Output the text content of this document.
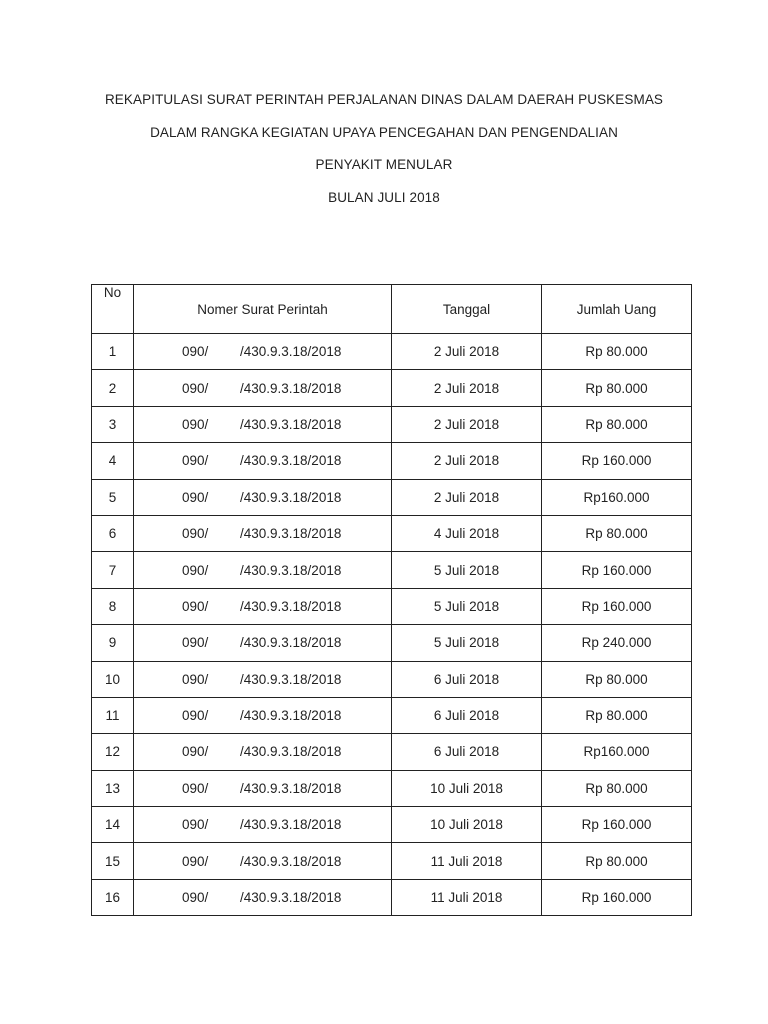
REKAPITULASI SURAT PERINTAH PERJALANAN DINAS DALAM DAERAH PUSKESMAS
DALAM RANGKA KEGIATAN UPAYA PENCEGAHAN DAN PENGENDALIAN
PENYAKIT MENULAR
BULAN JULI 2018
No	Nomer Surat Perintah	Tanggal	Jumlah Uang
1	090/ /430.9.3.18/2018	2 Juli 2018	Rp 80.000
2	090/ /430.9.3.18/2018	2 Juli 2018	Rp 80.000
3	090/ /430.9.3.18/2018	2 Juli 2018	Rp 80.000
4	090/ /430.9.3.18/2018	2 Juli 2018	Rp 160.000
5	090/ /430.9.3.18/2018	2 Juli 2018	Rp160.000
6	090/ /430.9.3.18/2018	4 Juli 2018	Rp 80.000
7	090/ /430.9.3.18/2018	5 Juli 2018	Rp 160.000
8	090/ /430.9.3.18/2018	5 Juli 2018	Rp 160.000
9	090/ /430.9.3.18/2018	5 Juli 2018	Rp 240.000
10	090/ /430.9.3.18/2018	6 Juli 2018	Rp 80.000
11	090/ /430.9.3.18/2018	6 Juli 2018	Rp 80.000
12	090/ /430.9.3.18/2018	6 Juli 2018	Rp160.000
13	090/ /430.9.3.18/2018	10 Juli 2018	Rp 80.000
14	090/ /430.9.3.18/2018	10 Juli 2018	Rp 160.000
15	090/ /430.9.3.18/2018	11 Juli 2018	Rp 80.000
16	090/ /430.9.3.18/2018	11 Juli 2018	Rp 160.000
